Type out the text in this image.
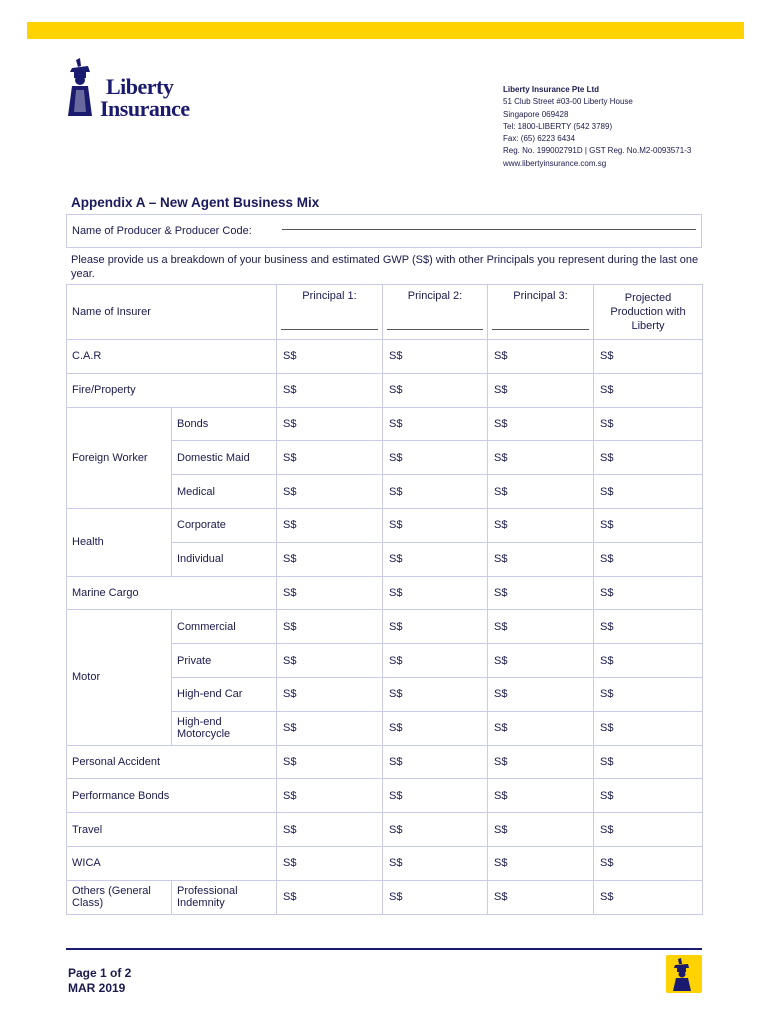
Liberty
Insurance
Liberty Insurance Pte Ltd
51 Club Street #03-00 Liberty House
Singapore 069428
Tel: 1800-LIBERTY (542 3789)
Fax: (65) 6223 6434
Reg. No. 199002791D | GST Reg. No.M2-0093571-3
www.libertyinsurance.com.sg
Appendix A – New Agent Business Mix
Name of Producer & Producer Code:
Please provide us a breakdown of your business and estimated GWP (S$) with other Principals you represent during the last one year.
Name of Insurer		Principal 1:	Principal 2:	Principal 3:	Projected Production with Liberty
C.A.R		S$	S$	S$	S$
Fire/Property		S$	S$	S$	S$
Foreign Worker	Bonds	S$	S$	S$	S$
	Domestic Maid	S$	S$	S$	S$
	Medical	S$	S$	S$	S$
Health	Corporate	S$	S$	S$	S$
	Individual	S$	S$	S$	S$
Marine Cargo		S$	S$	S$	S$
Motor	Commercial	S$	S$	S$	S$
	Private	S$	S$	S$	S$
	High-end Car	S$	S$	S$	S$
	High-end Motorcycle	S$	S$	S$	S$
Personal Accident		S$	S$	S$	S$
Performance Bonds		S$	S$	S$	S$
Travel		S$	S$	S$	S$
WICA		S$	S$	S$	S$
Others (General Class)	Professional Indemnity	S$	S$	S$	S$
Page 1 of 2
MAR 2019
